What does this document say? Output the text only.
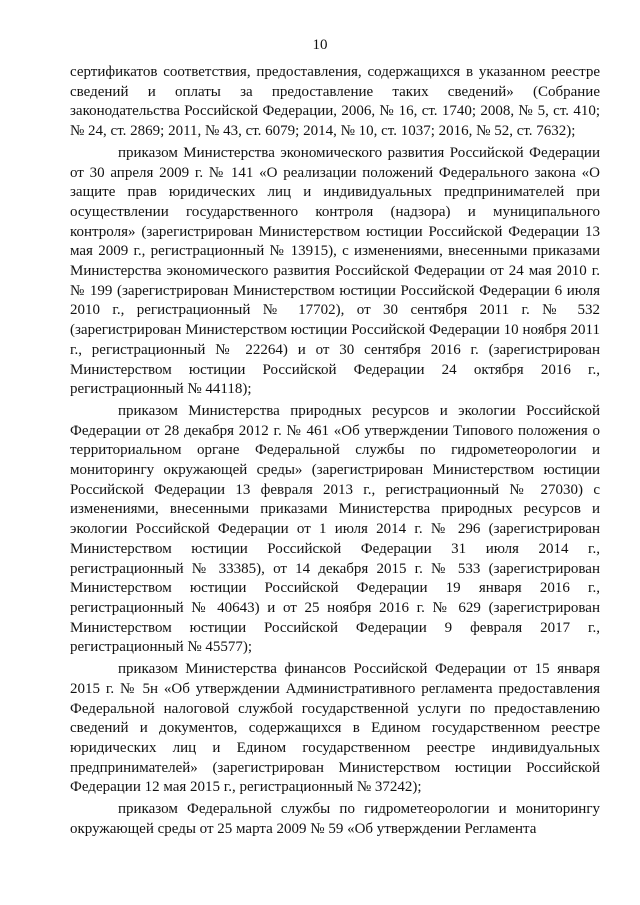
10

сертификатов соответствия, предоставления, содержащихся в указанном реестре сведений и оплаты за предоставление таких сведений» (Собрание законодательства Российской Федерации, 2006, № 16, ст. 1740; 2008, № 5, ст. 410; № 24, ст. 2869; 2011, № 43, ст. 6079; 2014, № 10, ст. 1037; 2016, № 52, ст. 7632);

приказом Министерства экономического развития Российской Федерации от 30 апреля 2009 г. № 141 «О реализации положений Федерального закона «О защите прав юридических лиц и индивидуальных предпринимателей при осуществлении государственного контроля (надзора) и муниципального контроля» (зарегистрирован Министерством юстиции Российской Федерации 13 мая 2009 г., регистрационный № 13915), с изменениями, внесенными приказами Министерства экономического развития Российской Федерации от 24 мая 2010 г. № 199 (зарегистрирован Министерством юстиции Российской Федерации 6 июля 2010 г., регистрационный № 17702), от 30 сентября 2011 г. № 532 (зарегистрирован Министерством юстиции Российской Федерации 10 ноября 2011 г., регистрационный № 22264) и от 30 сентября 2016 г. (зарегистрирован Министерством юстиции Российской Федерации 24 октября 2016 г., регистрационный № 44118);

приказом Министерства природных ресурсов и экологии Российской Федерации от 28 декабря 2012 г. № 461 «Об утверждении Типового положения о территориальном органе Федеральной службы по гидрометеорологии и мониторингу окружающей среды» (зарегистрирован Министерством юстиции Российской Федерации 13 февраля 2013 г., регистрационный № 27030) с изменениями, внесенными приказами Министерства природных ресурсов и экологии Российской Федерации от 1 июля 2014 г. № 296 (зарегистрирован Министерством юстиции Российской Федерации 31 июля 2014 г., регистрационный № 33385), от 14 декабря 2015 г. № 533 (зарегистрирован Министерством юстиции Российской Федерации 19 января 2016 г., регистрационный № 40643) и от 25 ноября 2016 г. № 629 (зарегистрирован Министерством юстиции Российской Федерации 9 февраля 2017 г., регистрационный № 45577);

приказом Министерства финансов Российской Федерации от 15 января 2015 г. № 5н «Об утверждении Административного регламента предоставления Федеральной налоговой службой государственной услуги по предоставлению сведений и документов, содержащихся в Едином государственном реестре юридических лиц и Едином государственном реестре индивидуальных предпринимателей» (зарегистрирован Министерством юстиции Российской Федерации 12 мая 2015 г., регистрационный № 37242);

приказом Федеральной службы по гидрометеорологии и мониторингу окружающей среды от 25 марта 2009 № 59 «Об утверждении Регламента
